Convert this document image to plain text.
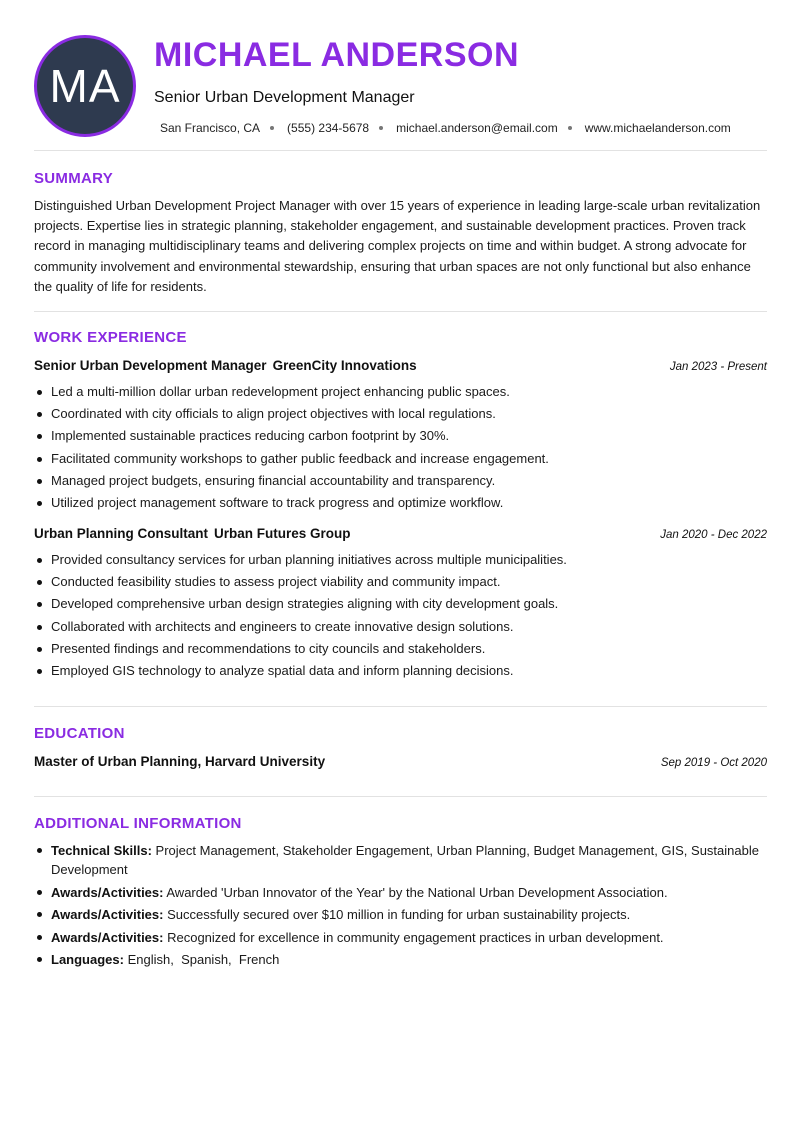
MA
MICHAEL ANDERSON
Senior Urban Development Manager
San Francisco, CA (555) 234-5678 michael.anderson@email.com www.michaelanderson.com
SUMMARY

Distinguished Urban Development Project Manager with over 15 years of experience in leading large-scale urban revitalization projects. Expertise lies in strategic planning, stakeholder engagement, and sustainable development practices. Proven track record in managing multidisciplinary teams and delivering complex projects on time and within budget. A strong advocate for community involvement and environmental stewardship, ensuring that urban spaces are not only functional but also enhance the quality of life for residents.

WORK EXPERIENCE
Senior Urban Development Manager GreenCity Innovations	Jan 2023 - Present
Led a multi-million dollar urban redevelopment project enhancing public spaces.
Coordinated with city officials to align project objectives with local regulations.
Implemented sustainable practices reducing carbon footprint by 30%.
Facilitated community workshops to gather public feedback and increase engagement.
Managed project budgets, ensuring financial accountability and transparency.
Utilized project management software to track progress and optimize workflow.
Urban Planning Consultant Urban Futures Group	Jan 2020 - Dec 2022
Provided consultancy services for urban planning initiatives across multiple municipalities.
Conducted feasibility studies to assess project viability and community impact.
Developed comprehensive urban design strategies aligning with city development goals.
Collaborated with architects and engineers to create innovative design solutions.
Presented findings and recommendations to city councils and stakeholders.
Employed GIS technology to analyze spatial data and inform planning decisions.
EDUCATION
Master of Urban Planning, Harvard University	Sep 2019 - Oct 2020
ADDITIONAL INFORMATION
Technical Skills: Project Management, Stakeholder Engagement, Urban Planning, Budget Management, GIS, Sustainable Development
Awards/Activities: Awarded 'Urban Innovator of the Year' by the National Urban Development Association.
Awards/Activities: Successfully secured over $10 million in funding for urban sustainability projects.
Awards/Activities: Recognized for excellence in community engagement practices in urban development.
Languages: English,  Spanish,  French
